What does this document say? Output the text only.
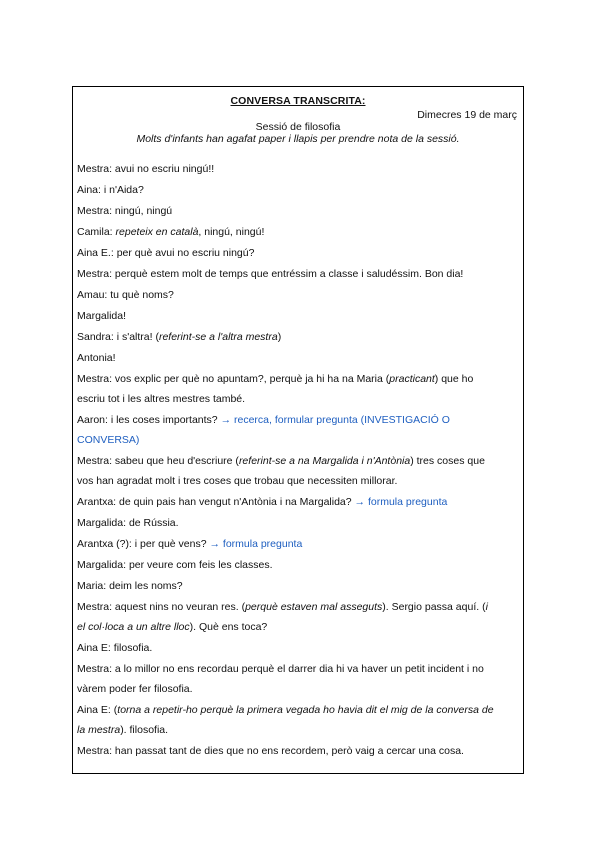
CONVERSA TRANSCRITA:
Dimecres 19 de març
Sessió de filosofia
Molts d'infants han agafat paper i llapis per prendre nota de la sessió.
Mestra: avui no escriu ningú!!
Aina: i n'Aida?
Mestra: ningú, ningú
Camila: repeteix en català, ningú, ningú!
Aina E.: per què avui no escriu ningú?
Mestra: perquè estem molt de temps que entréssim a classe i saludéssim. Bon dia!
Amau: tu què noms?
Margalida!
Sandra: i s'altra! (referint-se a l'altra mestra)
Antonia!
Mestra: vos explic per què no apuntam?, perquè ja hi ha na Maria (practicant) que ho
escriu tot i les altres mestres també.
Aaron: i les coses importants? → recerca, formular pregunta (INVESTIGACIÓ O
CONVERSA)
Mestra: sabeu que heu d'escriure (referint-se a na Margalida i n'Antònia) tres coses que
vos han agradat molt i tres coses que trobau que necessiten millorar.
Arantxa: de quin pais han vengut n'Antònia i na Margalida? → formula pregunta
Margalida: de Rússia.
Arantxa (?): i per què vens? → formula pregunta
Margalida: per veure com feis les classes.
Maria: deim les noms?
Mestra: aquest nins no veuran res. (perquè estaven mal asseguts). Sergio passa aquí. (i
el col·loca a un altre lloc). Què ens toca?
Aina E: filosofia.
Mestra: a lo millor no ens recordau perquè el darrer dia hi va haver un petit incident i no
vàrem poder fer filosofia.
Aina E: (torna a repetir-ho perquè la primera vegada ho havia dit el mig de la conversa de
la mestra). filosofia.
Mestra: han passat tant de dies que no ens recordem, però vaig a cercar una cosa.
